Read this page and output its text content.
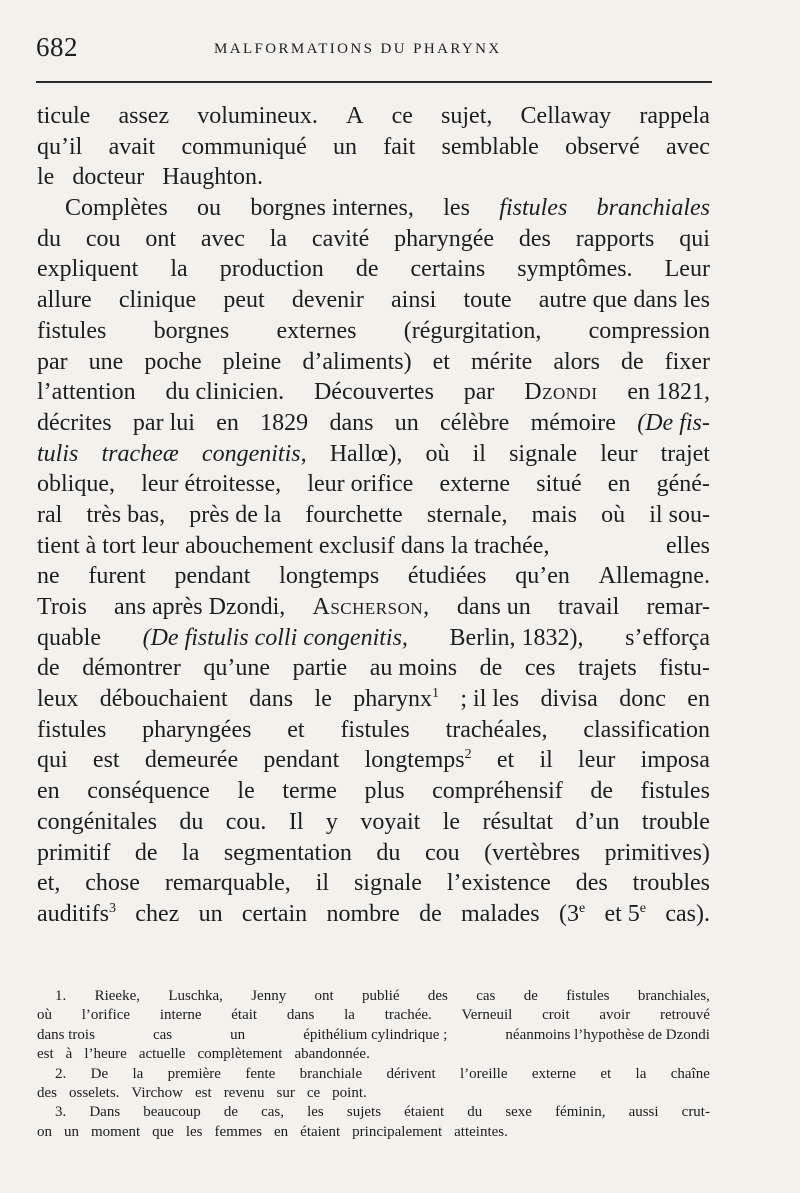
682	MALFORMATIONS DU PHARYNX
ticule assez volumineux. A ce sujet, Cellaway rappela
qu’il avait communiqué un fait semblable observé avec
le docteur Haughton.
Complètes ou borgnes internes, les fistules branchiales
du cou ont avec la cavité pharyngée des rapports qui
expliquent la production de certains symptômes. Leur
allure clinique peut devenir ainsi toute autre que dans les
fistules borgnes externes (régurgitation, compression
par une poche pleine d’aliments) et mérite alors de fixer
l’attention du clinicien. Découvertes par Dzondi en 1821,
décrites par lui en 1829 dans un célèbre mémoire (De fis-
tulis tracheæ congenitis, Hallœ), où il signale leur trajet
oblique, leur étroitesse, leur orifice externe situé en géné-
ral très bas, près de la fourchette sternale, mais où il sou-
tient à tort leur abouchement exclusif dans la trachée,	elles
ne furent pendant longtemps étudiées qu’en Allemagne.
Trois ans après Dzondi, Ascherson, dans un travail remar-
quable (De fistulis colli congenitis, Berlin, 1832), s’efforça
de démontrer qu’une partie au moins de ces trajets fistu-
leux débouchaient dans le pharynx$^1$ ; il les divisa donc en
fistules pharyngées et fistules trachéales, classification
qui est demeurée pendant longtemps$^2$ et il leur imposa
en conséquence le terme plus compréhensif de fistules
congénitales du cou. Il y voyait le résultat d’un trouble
primitif de la segmentation du cou (vertèbres primitives)
et, chose remarquable, il signale l’existence des troubles
auditifs$^3$ chez un certain nombre de malades (3e et 5e cas).
1. Rieeke, Luschka, Jenny ont publié des cas de fistules branchiales,
où l’orifice interne était dans la trachée. Verneuil croit avoir retrouvé
dans trois	cas	un	épithélium cylindrique ;	néanmoins l’hypothèse de Dzondi
est à l’heure actuelle complètement abandonnée.
2. De la première fente branchiale dérivent l’oreille externe et la chaîne
des osselets. Virchow est revenu sur ce point.
3. Dans beaucoup de cas, les sujets étaient du sexe féminin, aussi crut-
on un moment que les femmes en étaient principalement atteintes.
